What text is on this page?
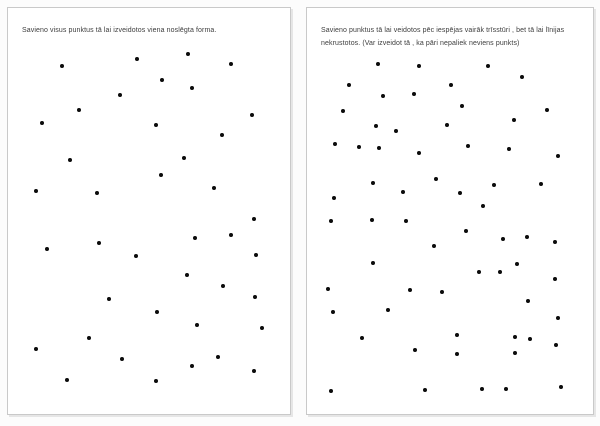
Savieno visus punktus tā lai izveidotos viena noslēgta forma.	Savieno punktus tā lai veidotos pēc iespējas vairāk trīsstūri , bet tā lai līnijas
nekrustotos. (Var izveidot tā , ka pāri nepaliek neviens punkts)
